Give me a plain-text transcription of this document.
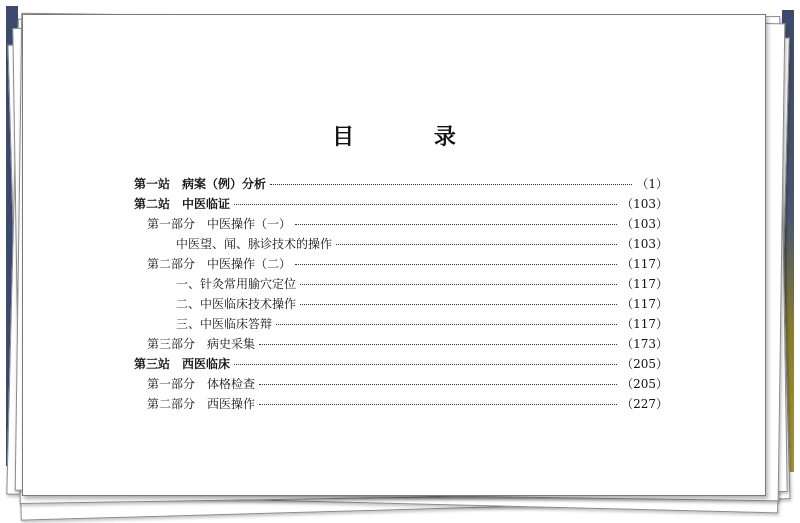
目 录
第一站　病案（例）分析	（1）
第二站　中医临证	（103）
第一部分　中医操作（一）	（103）
中医望、闻、脉诊技术的操作	（103）
第二部分　中医操作（二）	（117）
一、针灸常用腧穴定位	（117）
二、中医临床技术操作	（117）
三、中医临床答辩	（117）
第三部分　病史采集	（173）
第三站　西医临床	（205）
第一部分　体格检查	（205）
第二部分　西医操作	（227）
